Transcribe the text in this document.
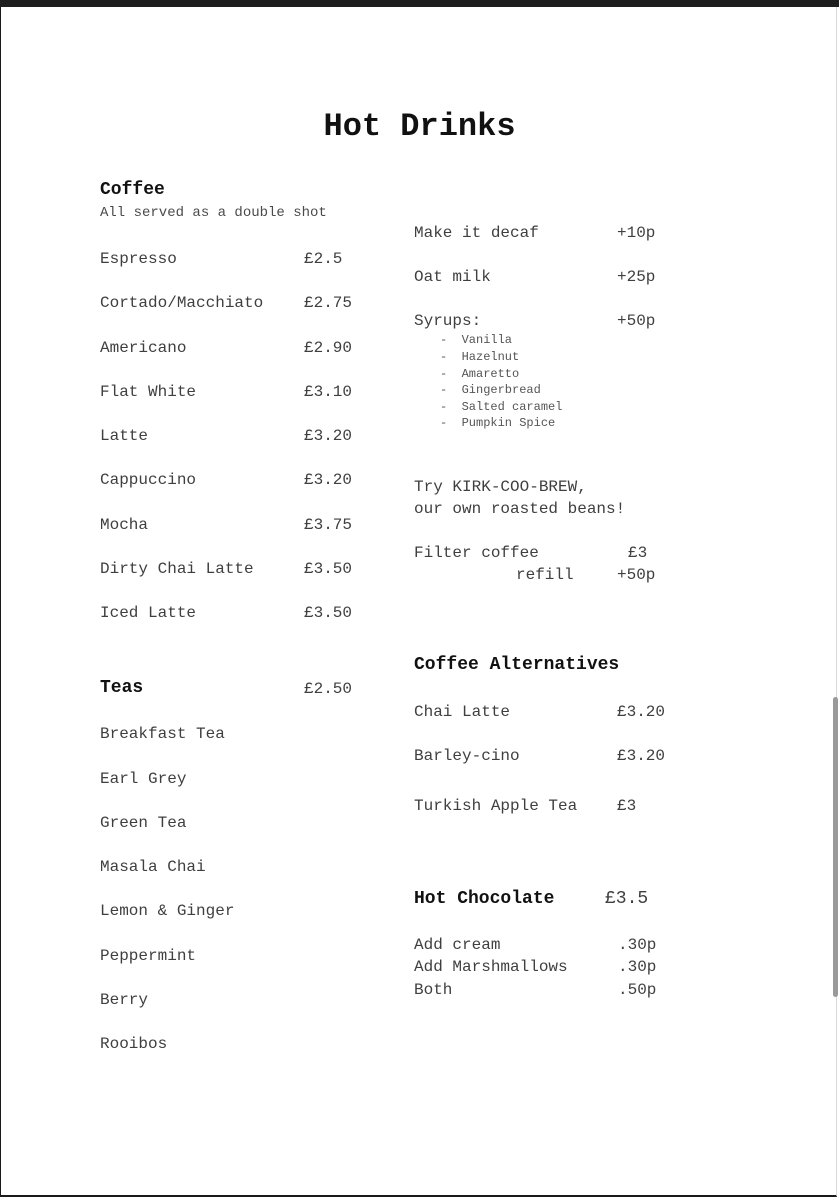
Hot Drinks
Coffee
All served as a double shot
Espresso	£2.5
Cortado/Macchiato	£2.75
Americano	£2.90
Flat White	£3.10
Latte	£3.20
Cappuccino	£3.20
Mocha	£3.75
Dirty Chai Latte	£3.50
Iced Latte	£3.50
Teas	£2.50
Breakfast Tea
Earl Grey
Green Tea
Masala Chai
Lemon & Ginger
Peppermint
Berry
Rooibos
Make it decaf	+10p
Oat milk	+25p
Syrups:	+50p
-  Vanilla
-  Hazelnut
-  Amaretto
-  Gingerbread
-  Salted caramel
-  Pumpkin Spice
Try KIRK-COO-BREW,
our own roasted beans!
Filter coffee	£3
refill	+50p
Coffee Alternatives
Chai Latte	£3.20
Barley-cino	£3.20
Turkish Apple Tea £3
Hot Chocolate	£3.5
Add cream	.30p
Add Marshmallows	.30p
Both	.50p
